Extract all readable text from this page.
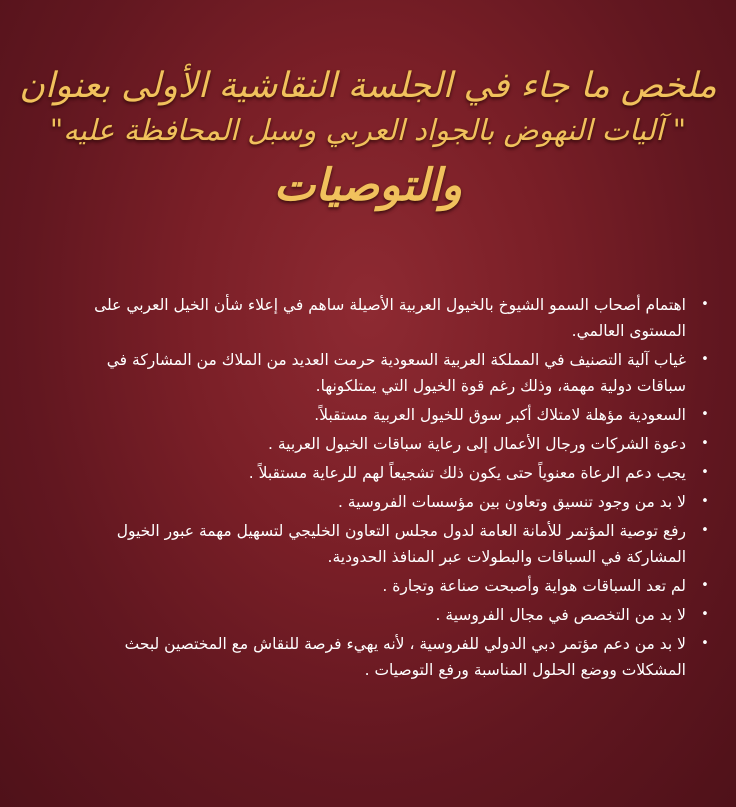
ملخص ما جاء في الجلسة النقاشية الأولى بعنوان

" آليات النهوض بالجواد العربي وسبل المحافظة عليه"

والتوصيات

•
اهتمام أصحاب السمو الشيوخ بالخيول العربية الأصيلة ساهم في إعلاء شأن الخيل العربي على المستوى العالمي.
•
غياب آلية التصنيف في المملكة العربية السعودية حرمت العديد من الملاك من المشاركة في سباقات دولية مهمة، وذلك رغم قوة الخيول التي يمتلكونها.
•
السعودية مؤهلة لامتلاك أكبر سوق للخيول العربية مستقبلاً.
•
دعوة الشركات ورجال الأعمال إلى رعاية سباقات الخيول العربية .
•
يجب دعم الرعاة معنوياً حتى يكون ذلك تشجيعاً لهم للرعاية مستقبلاً .
•
لا بد من وجود تنسيق وتعاون بين مؤسسات الفروسية .
•
رفع توصية المؤتمر للأمانة العامة لدول مجلس التعاون الخليجي لتسهيل مهمة عبور الخيول المشاركة في السباقات والبطولات عبر المنافذ الحدودية.
•
لم تعد السباقات هواية وأصبحت صناعة وتجارة .
•
لا بد من التخصص في مجال الفروسية .
•
لا بد من دعم مؤتمر دبي الدولي للفروسية ، لأنه يهيء فرصة للنقاش مع المختصين لبحث المشكلات ووضع الحلول المناسبة ورفع التوصيات .
